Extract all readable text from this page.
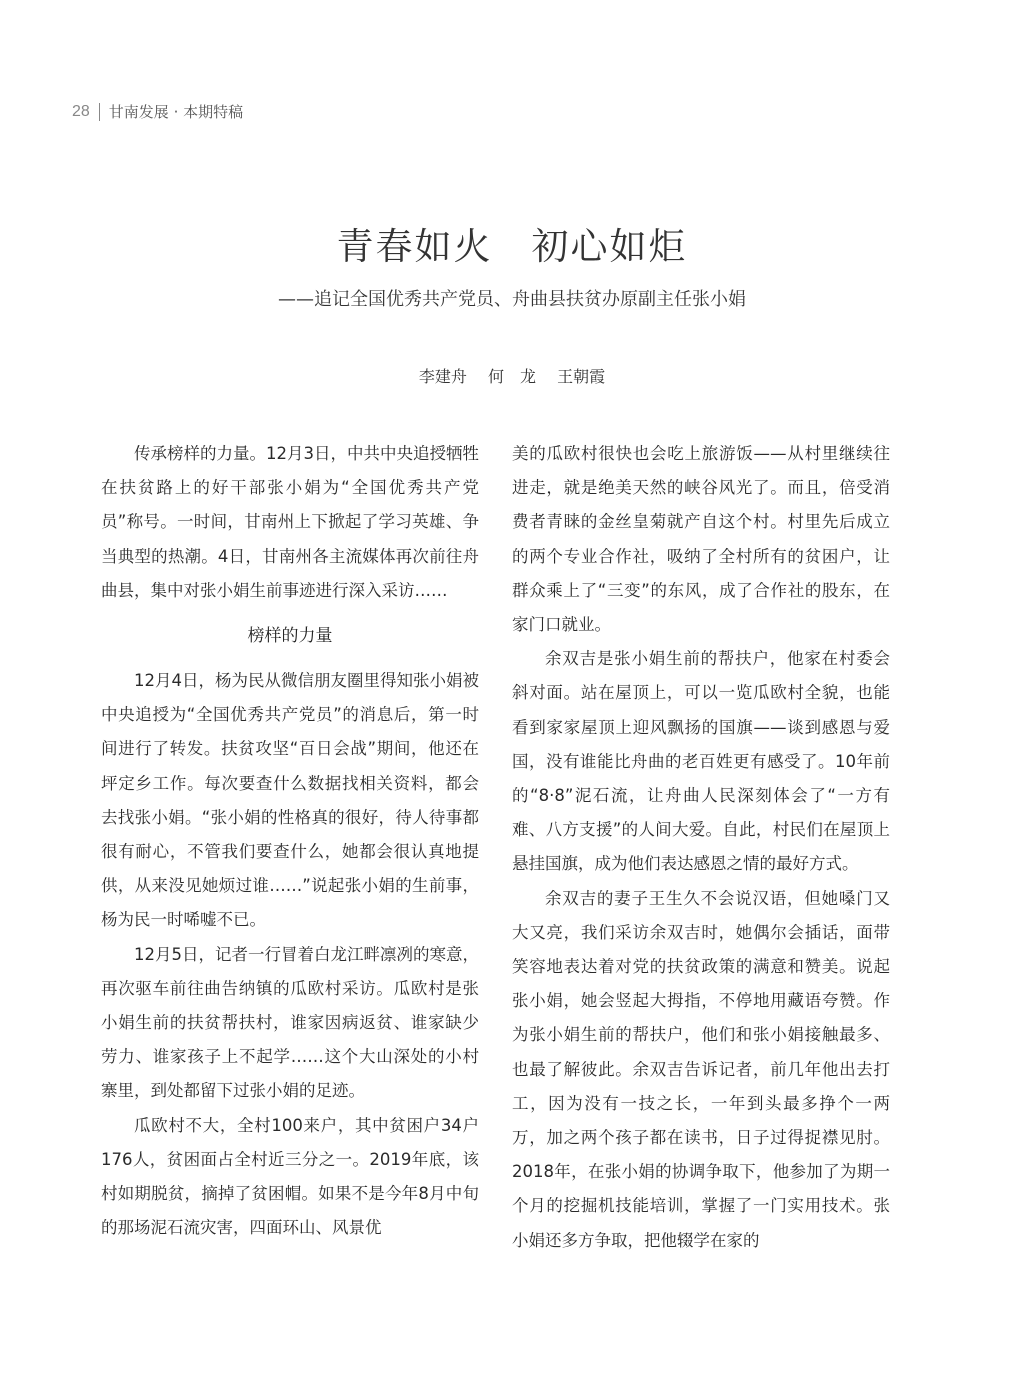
28 甘南发展 · 本期特稿
青春如火　初心如炬
——追记全国优秀共产党员、舟曲县扶贫办原副主任张小娟
李建舟　 何　龙　 王朝霞

传承榜样的力量。12月3日，中共中央追授牺牲在扶贫路上的好干部张小娟为“全国优秀共产党员”称号。一时间，甘南州上下掀起了学习英雄、争当典型的热潮。4日，甘南州各主流媒体再次前往舟曲县，集中对张小娟生前事迹进行深入采访……

榜样的力量

12月4日，杨为民从微信朋友圈里得知张小娟被中央追授为“全国优秀共产党员”的消息后，第一时间进行了转发。扶贫攻坚“百日会战”期间，他还在坪定乡工作。每次要查什么数据找相关资料，都会去找张小娟。“张小娟的性格真的很好，待人待事都很有耐心，不管我们要查什么，她都会很认真地提供，从来没见她烦过谁……”说起张小娟的生前事，杨为民一时唏嘘不已。

12月5日，记者一行冒着白龙江畔凛冽的寒意，再次驱车前往曲告纳镇的瓜欧村采访。瓜欧村是张小娟生前的扶贫帮扶村，谁家因病返贫、谁家缺少劳力、谁家孩子上不起学……这个大山深处的小村寨里，到处都留下过张小娟的足迹。

瓜欧村不大，全村100来户，其中贫困户34户176人，贫困面占全村近三分之一。2019年底，该村如期脱贫，摘掉了贫困帽。如果不是今年8月中旬的那场泥石流灾害，四面环山、风景优

美的瓜欧村很快也会吃上旅游饭——从村里继续往进走，就是绝美天然的峡谷风光了。而且，倍受消费者青睐的金丝皇菊就产自这个村。村里先后成立的两个专业合作社，吸纳了全村所有的贫困户，让群众乘上了“三变”的东风，成了合作社的股东，在家门口就业。

余双吉是张小娟生前的帮扶户，他家在村委会斜对面。站在屋顶上，可以一览瓜欧村全貌，也能看到家家屋顶上迎风飘扬的国旗——谈到感恩与爱国，没有谁能比舟曲的老百姓更有感受了。10年前的“8·8”泥石流，让舟曲人民深刻体会了“一方有难、八方支援”的人间大爱。自此，村民们在屋顶上悬挂国旗，成为他们表达感恩之情的最好方式。

余双吉的妻子王生久不会说汉语，但她嗓门又大又亮，我们采访余双吉时，她偶尔会插话，面带笑容地表达着对党的扶贫政策的满意和赞美。说起张小娟，她会竖起大拇指，不停地用藏语夸赞。作为张小娟生前的帮扶户，他们和张小娟接触最多、也最了解彼此。余双吉告诉记者，前几年他出去打工，因为没有一技之长，一年到头最多挣个一两万，加之两个孩子都在读书，日子过得捉襟见肘。2018年，在张小娟的协调争取下，他参加了为期一个月的挖掘机技能培训，掌握了一门实用技术。张小娟还多方争取，把他辍学在家的
